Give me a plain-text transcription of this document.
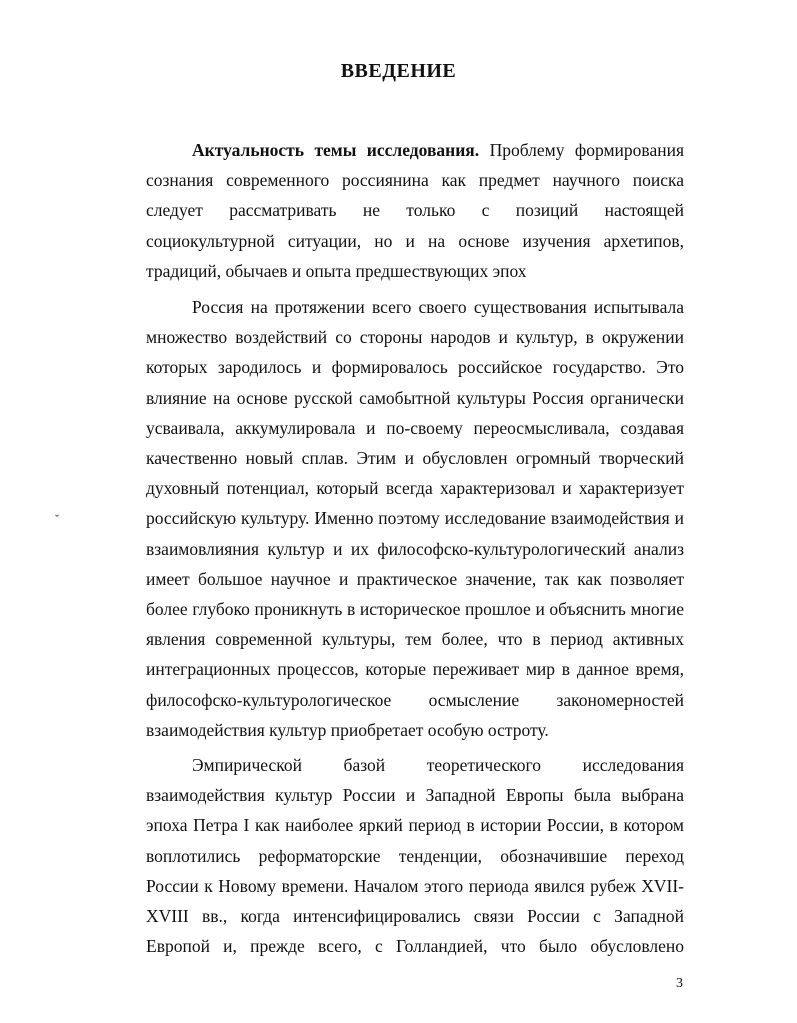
ВВЕДЕНИЕ
Актуальность темы исследования. Проблему формирования
сознания современного россиянина как предмет научного поиска
следует рассматривать не только с позиций настоящей
социокультурной ситуации, но и на основе изучения архетипов,
традиций, обычаев и опыта предшествующих эпох
Россия на протяжении всего своего существования испытывала
множество воздействий со стороны народов и культур, в окружении
которых зародилось и формировалось российское государство. Это
влияние на основе русской самобытной культуры Россия органически
усваивала, аккумулировала и по-своему переосмысливала, создавая
качественно новый сплав. Этим и обусловлен огромный творческий
духовный потенциал, который всегда характеризовал и характеризует
российскую культуру. Именно поэтому исследование взаимодействия и
взаимовлияния культур и их философско-культурологический анализ
имеет большое научное и практическое значение, так как позволяет
более глубоко проникнуть в историческое прошлое и объяснить многие
явления современной культуры, тем более, что в период активных
интеграционных процессов, которые переживает мир в данное время,
философско-культурологическое осмысление закономерностей
взаимодействия культур приобретает особую остроту.
Эмпирической базой теоретического исследования
взаимодействия культур России и Западной Европы была выбрана
эпоха Петра I как наиболее яркий период в истории России, в котором
воплотились реформаторские тенденции, обозначившие переход
России к Новому времени. Началом этого периода явился рубеж XVII-
XVIII вв., когда интенсифицировались связи России с Западной
Европой и, прежде всего, с Голландией, что было обусловлено
ˇ
3
